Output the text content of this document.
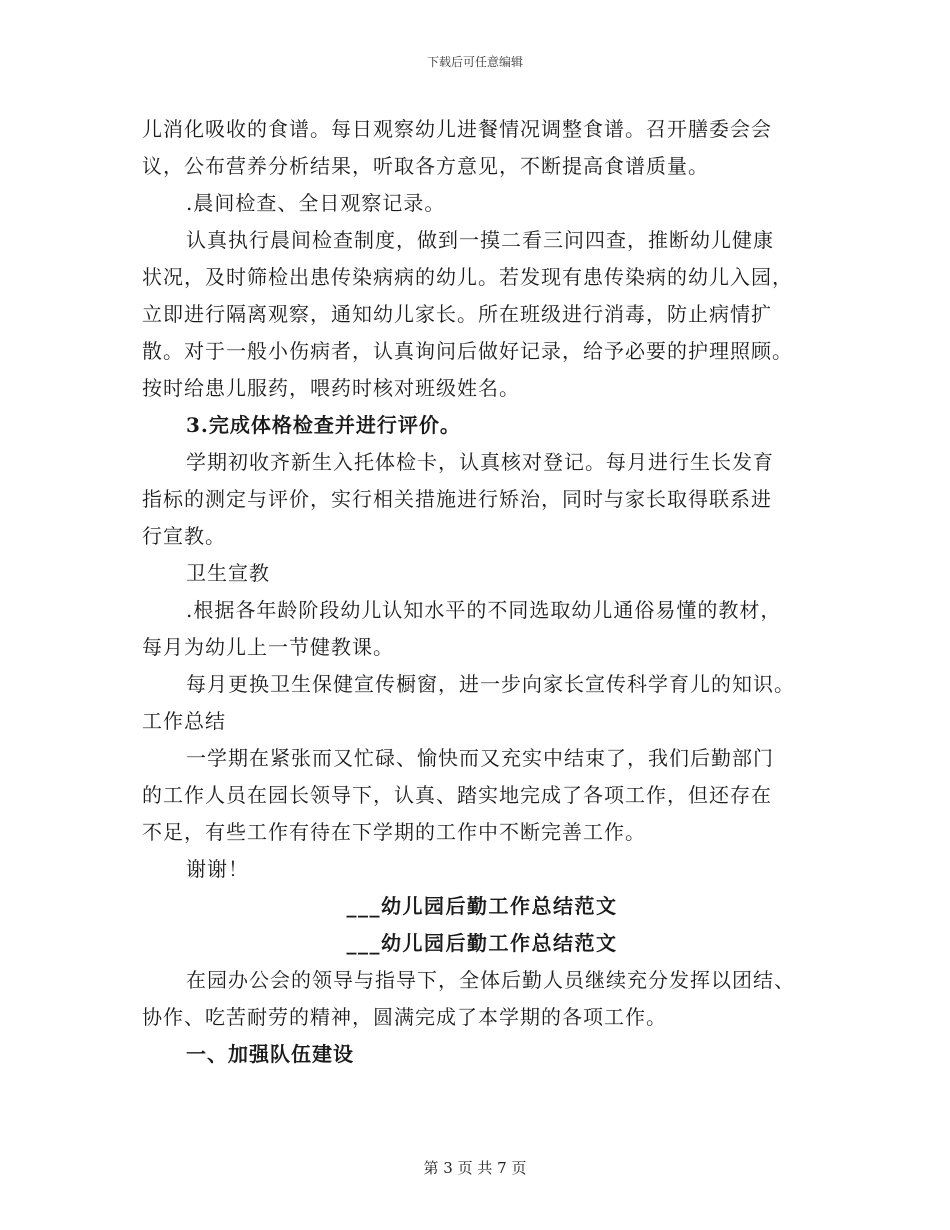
下载后可任意编辑
儿消化吸收的食谱。每日观察幼儿进餐情况调整食谱。召开膳委会会
议，公布营养分析结果，听取各方意见，不断提高食谱质量。
.晨间检查、全日观察记录。
认真执行晨间检查制度，做到一摸二看三问四查，推断幼儿健康
状况，及时筛检出患传染病病的幼儿。若发现有患传染病的幼儿入园，
立即进行隔离观察，通知幼儿家长。所在班级进行消毒，防止病情扩
散。对于一般小伤病者，认真询问后做好记录，给予必要的护理照顾。
按时给患儿服药，喂药时核对班级姓名。
3.完成体格检查并进行评价。
学期初收齐新生入托体检卡，认真核对登记。每月进行生长发育
指标的测定与评价，实行相关措施进行矫治，同时与家长取得联系进
行宣教。
卫生宣教
.根据各年龄阶段幼儿认知水平的不同选取幼儿通俗易懂的教材，
每月为幼儿上一节健教课。
每月更换卫生保健宣传橱窗，进一步向家长宣传科学育儿的知识。
工作总结
一学期在紧张而又忙碌、愉快而又充实中结束了，我们后勤部门
的工作人员在园长领导下，认真、踏实地完成了各项工作，但还存在
不足，有些工作有待在下学期的工作中不断完善工作。
谢谢！
___幼儿园后勤工作总结范文
___幼儿园后勤工作总结范文
在园办公会的领导与指导下，全体后勤人员继续充分发挥以团结、
协作、吃苦耐劳的精神，圆满完成了本学期的各项工作。
一、加强队伍建设
第 3 页 共 7 页
